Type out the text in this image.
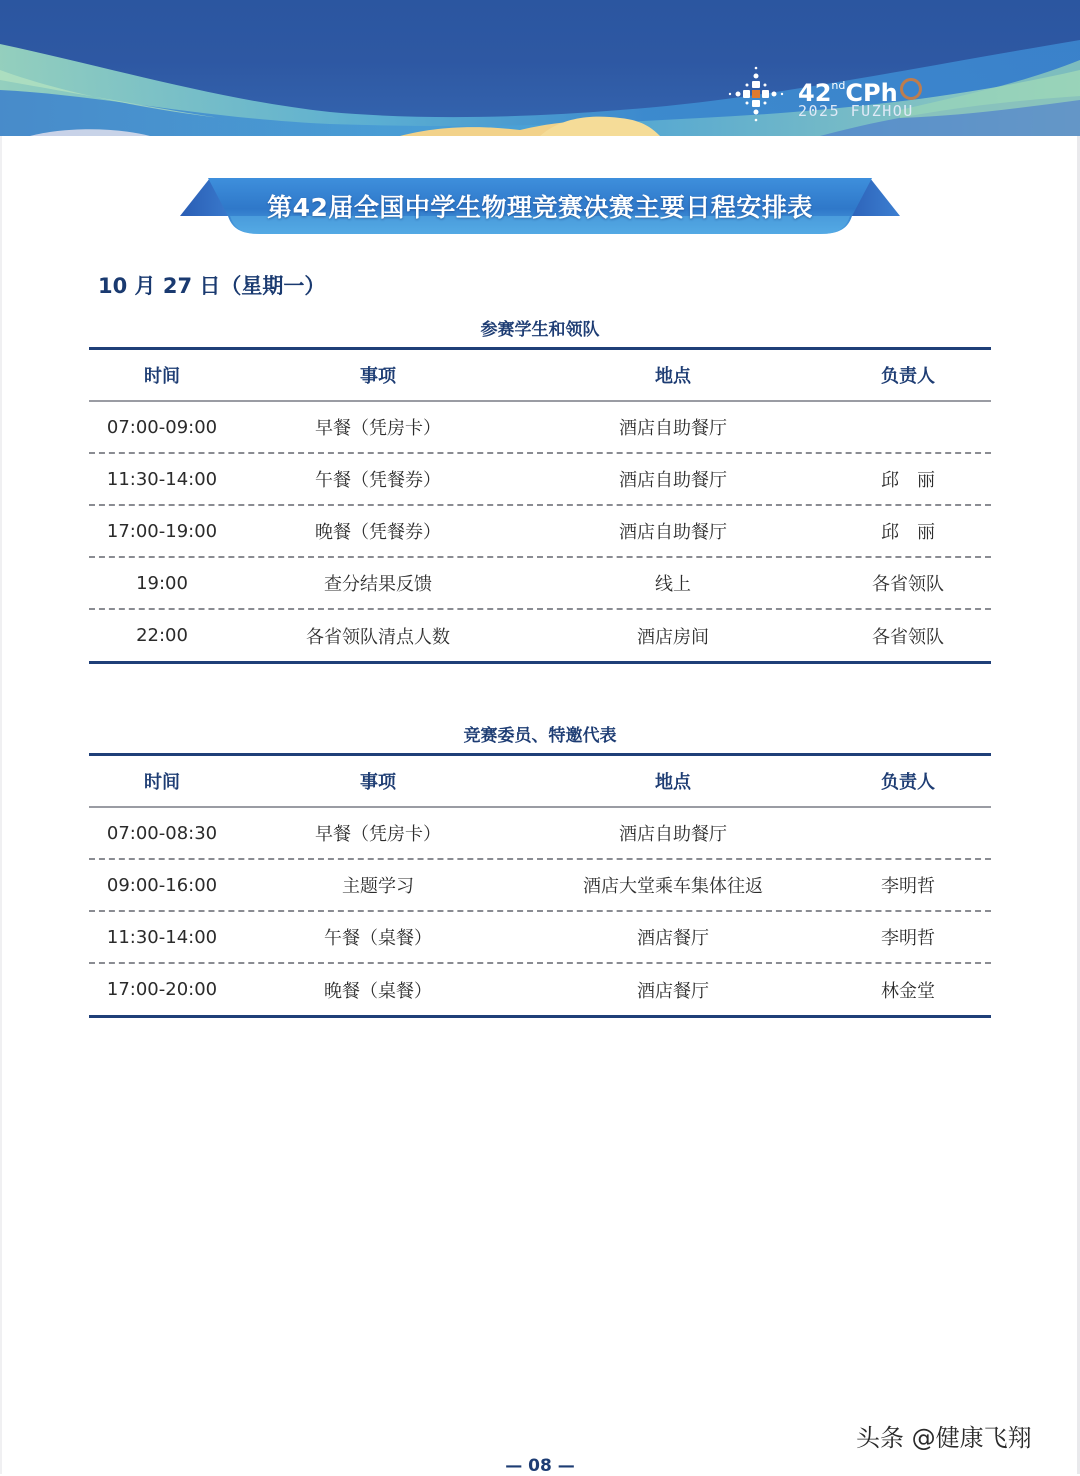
42ndCPh
2025 FUZHOU
第42届全国中学生物理竞赛决赛主要日程安排表
10 月 27 日（星期一）
参赛学生和领队
时间	事项	地点	负责人
07:00-09:00	早餐（凭房卡）	酒店自助餐厅
11:30-14:00	午餐（凭餐券）	酒店自助餐厅	邱　丽
17:00-19:00	晚餐（凭餐券）	酒店自助餐厅	邱　丽
19:00	查分结果反馈	线上	各省领队
22:00	各省领队清点人数	酒店房间	各省领队
竞赛委员、特邀代表
时间	事项	地点	负责人
07:00-08:30	早餐（凭房卡）	酒店自助餐厅
09:00-16:00	主题学习	酒店大堂乘车集体往返	李明哲
11:30-14:00	午餐（桌餐）	酒店餐厅	李明哲
17:00-20:00	晚餐（桌餐）	酒店餐厅	林金堂
头条 @健康飞翔
— 08 —
